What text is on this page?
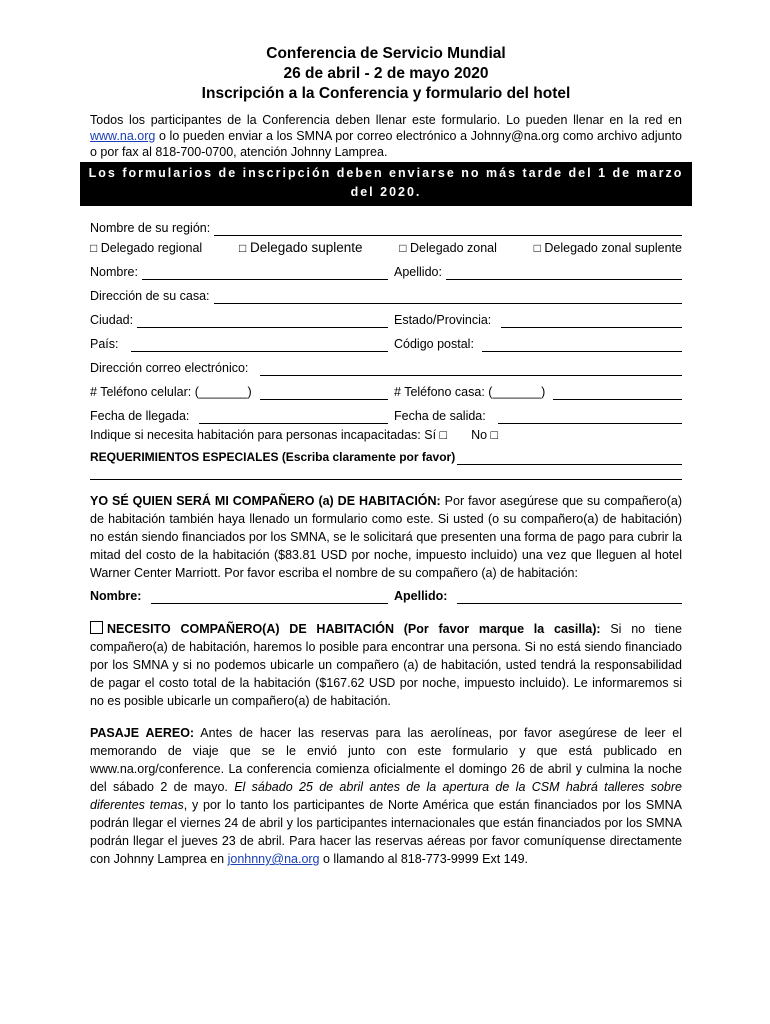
Conferencia de Servicio Mundial
26 de abril - 2 de mayo 2020
Inscripción a la Conferencia y formulario del hotel
Todos los participantes de la Conferencia deben llenar este formulario. Lo pueden llenar en la red en www.na.org o lo pueden enviar a los SMNA por correo electrónico a Johnny@na.org como archivo adjunto o por fax al 818-700-0700, atención Johnny Lamprea.
Los formularios de inscripción deben enviarse no más tarde del 1 de marzo
del 2020.
Nombre de su región:
□ Delegado regional	□ Delegado suplente	□ Delegado zonal	□ Delegado zonal suplente
Nombre:	Apellido:
Dirección de su casa:
Ciudad:	Estado/Provincia:
País:	Código postal:
Dirección correo electrónico:
# Teléfono celular: (_______)	# Teléfono casa: (_______)
Fecha de llegada:	Fecha de salida:
Indique si necesita habitación para personas incapacitadas: Sí □ No □
REQUERIMIENTOS ESPECIALES (Escriba claramente por favor)
YO SÉ QUIEN SERÁ MI COMPAÑERO (a) DE HABITACIÓN: Por favor asegúrese que su compañero(a) de habitación también haya llenado un formulario como este. Si usted (o su compañero(a) de habitación) no están siendo financiados por los SMNA, se le solicitará que presenten una forma de pago para cubrir la mitad del costo de la habitación ($83.81 USD por noche, impuesto incluido) una vez que lleguen al hotel Warner Center Marriott. Por favor escriba el nombre de su compañero (a) de habitación:
Nombre:	Apellido:
NECESITO COMPAÑERO(A) DE HABITACIÓN (Por favor marque la casilla): Si no tiene compañero(a) de habitación, haremos lo posible para encontrar una persona. Si no está siendo financiado por los SMNA y si no podemos ubicarle un compañero (a) de habitación, usted tendrá la responsabilidad de pagar el costo total de la habitación ($167.62 USD por noche, impuesto incluido). Le informaremos si no es posible ubicarle un compañero(a) de habitación.
PASAJE AEREO: Antes de hacer las reservas para las aerolíneas, por favor asegúrese de leer el memorando de viaje que se le envió junto con este formulario y que está publicado en www.na.org/conference. La conferencia comienza oficialmente el domingo 26 de abril y culmina la noche del sábado 2 de mayo. El sábado 25 de abril antes de la apertura de la CSM habrá talleres sobre diferentes temas, y por lo tanto los participantes de Norte América que están financiados por los SMNA podrán llegar el viernes 24 de abril y los participantes internacionales que están financiados por los SMNA podrán llegar el jueves 23 de abril. Para hacer las reservas aéreas por favor comuníquense directamente con Johnny Lamprea en jonhnny@na.org o llamando al 818-773-9999 Ext 149.
